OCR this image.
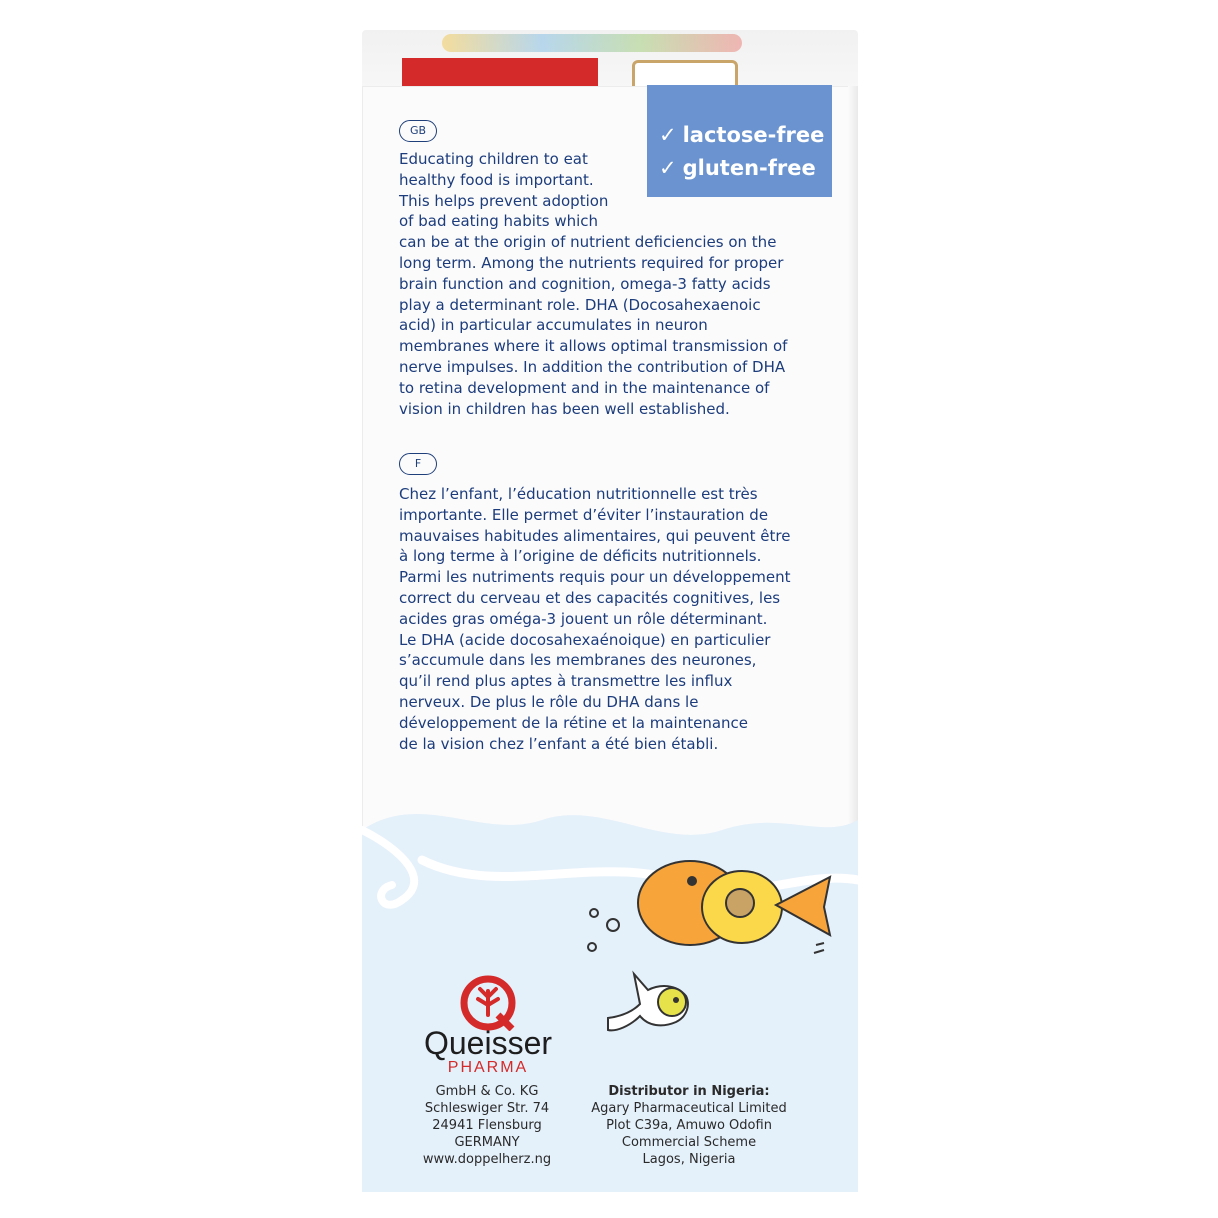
✓ lactose-free
✓ gluten-free
GB
Educating children to eat
healthy food is important.
This helps prevent adoption
of bad eating habits which
can be at the origin of nutrient deficiencies on the
long term. Among the nutrients required for proper
brain function and cognition, omega-3 fatty acids
play a determinant role. DHA (Docosahexaenoic
acid) in particular accumulates in neuron
membranes where it allows optimal transmission of
nerve impulses. In addition the contribution of DHA
to retina development and in the maintenance of
vision in children has been well established.
F
Chez l’enfant, l’éducation nutritionnelle est très
importante. Elle permet d’éviter l’instauration de
mauvaises habitudes alimentaires, qui peuvent être
à long terme à l’origine de déficits nutritionnels.
Parmi les nutriments requis pour un développement
correct du cerveau et des capacités cognitives, les
acides gras oméga-3 jouent un rôle déterminant.
Le DHA (acide docosahexaénoique) en particulier
s’accumule dans les membranes des neurones,
qu’il rend plus aptes à transmettre les influx
nerveux. De plus le rôle du DHA dans le
développement de la rétine et la maintenance
de la vision chez l’enfant a été bien établi.
Queisser
PHARMA
GmbH & Co. KG
Schleswiger Str. 74
24941 Flensburg
GERMANY
www.doppelherz.ng
Distributor in Nigeria:
Agary Pharmaceutical Limited
Plot C39a, Amuwo Odofin
Commercial Scheme
Lagos, Nigeria
